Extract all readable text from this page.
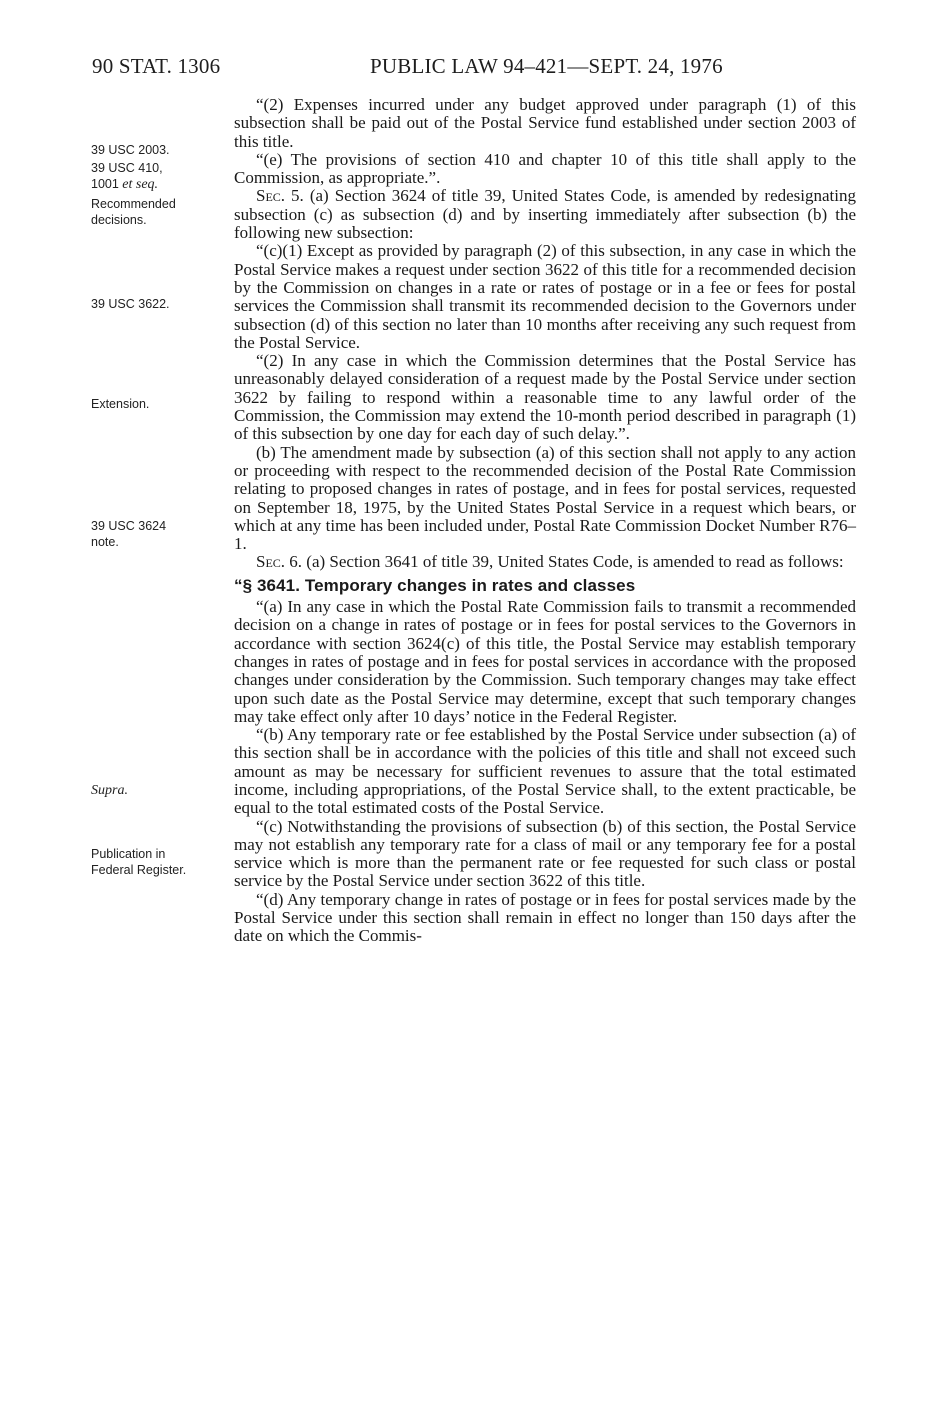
90 STAT. 1306	PUBLIC LAW 94–421—SEPT. 24, 1976
39 USC 2003.
39 USC 410,
1001 et seq.
Recommended
decisions.
39 USC 3622.
Extension.
39 USC 3624
note.
Supra.
Publication in
Federal Register.

“(2) Expenses incurred under any budget approved under paragraph (1) of this subsection shall be paid out of the Postal Service fund established under section 2003 of this title.

“(e) The provisions of section 410 and chapter 10 of this title shall apply to the Commission, as appropriate.”.

Sec. 5. (a) Section 3624 of title 39, United States Code, is amended by redesignating subsection (c) as subsection (d) and by inserting immediately after subsection (b) the following new subsection:

“(c)(1) Except as provided by paragraph (2) of this subsection, in any case in which the Postal Service makes a request under section 3622 of this title for a recommended decision by the Commission on changes in a rate or rates of postage or in a fee or fees for postal services the Commission shall transmit its recommended decision to the Governors under subsection (d) of this section no later than 10 months after receiving any such request from the Postal Service.

“(2) In any case in which the Commission determines that the Postal Service has unreasonably delayed consideration of a request made by the Postal Service under section 3622 by failing to respond within a reasonable time to any lawful order of the Commission, the Commission may extend the 10-month period described in paragraph (1) of this subsection by one day for each day of such delay.”.

(b) The amendment made by subsection (a) of this section shall not apply to any action or proceeding with respect to the recommended decision of the Postal Rate Commission relating to proposed changes in rates of postage, and in fees for postal services, requested on September 18, 1975, by the United States Postal Service in a request which bears, or which at any time has been included under, Postal Rate Commission Docket Number R76–1.

Sec. 6. (a) Section 3641 of title 39, United States Code, is amended to read as follows:

“§ 3641. Temporary changes in rates and classes

“(a) In any case in which the Postal Rate Commission fails to transmit a recommended decision on a change in rates of postage or in fees for postal services to the Governors in accordance with section 3624(c) of this title, the Postal Service may establish temporary changes in rates of postage and in fees for postal services in accordance with the proposed changes under consideration by the Commission. Such temporary changes may take effect upon such date as the Postal Service may determine, except that such temporary changes may take effect only after 10 days’ notice in the Federal Register.

“(b) Any temporary rate or fee established by the Postal Service under subsection (a) of this section shall be in accordance with the policies of this title and shall not exceed such amount as may be necessary for sufficient revenues to assure that the total estimated income, including appropriations, of the Postal Service shall, to the extent practicable, be equal to the total estimated costs of the Postal Service.

“(c) Notwithstanding the provisions of subsection (b) of this section, the Postal Service may not establish any temporary rate for a class of mail or any temporary fee for a postal service which is more than the permanent rate or fee requested for such class or postal service by the Postal Service under section 3622 of this title.

“(d) Any temporary change in rates of postage or in fees for postal services made by the Postal Service under this section shall remain in effect no longer than 150 days after the date on which the Commis-
